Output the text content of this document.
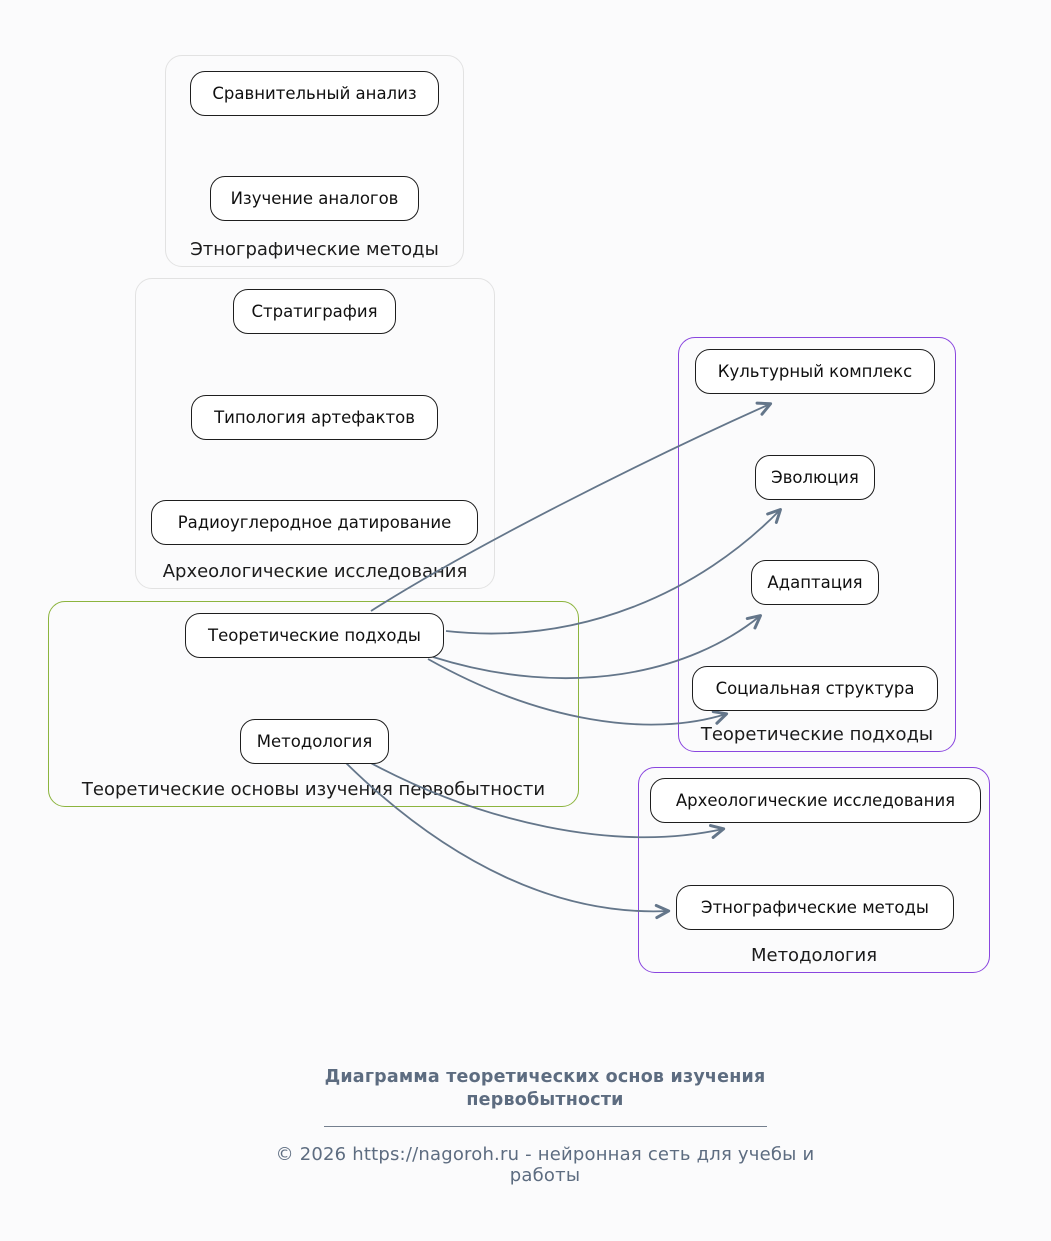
Этнографические методы
Сравнительный анализ
Изучение аналогов
Археологические исследования
Стратиграфия
Типология артефактов
Радиоуглеродное датирование
Теоретические основы изучения первобытности
Теоретические подходы
Методология	Теоретические подходы
Культурный комплекс
Эволюция
Адаптация
Социальная структура
Методология
Археологические исследования
Этнографические методы
Диаграмма теоретических основ изучения
первобытности
© 2026 https://nagoroh.ru - нейронная сеть для учебы и работы
